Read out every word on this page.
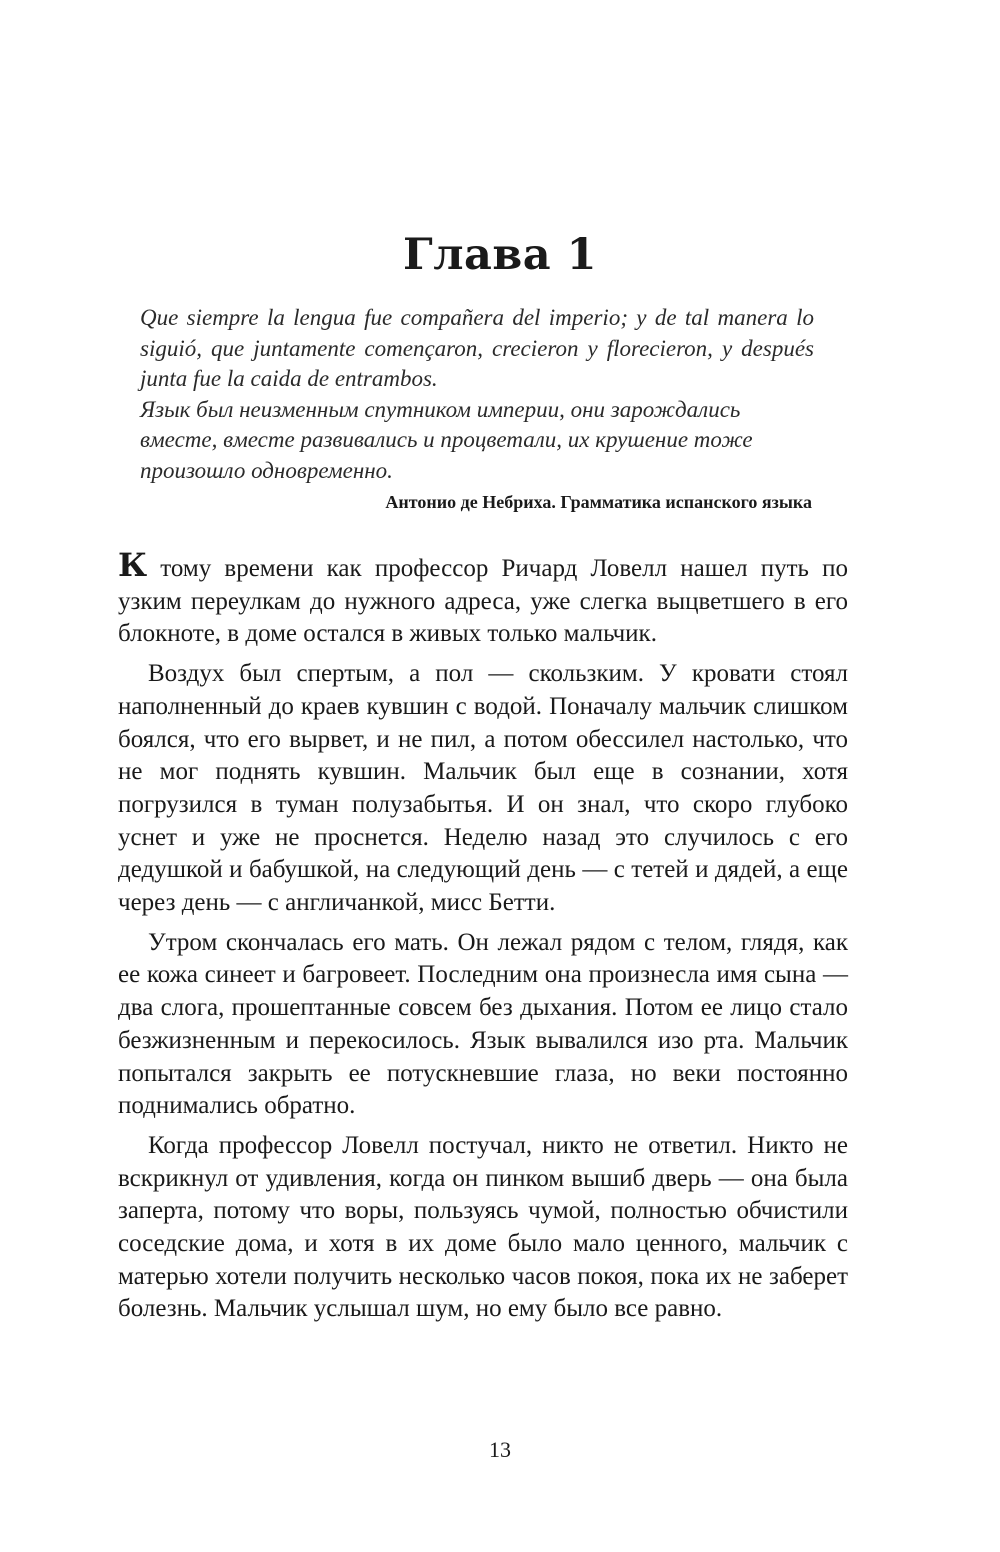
Глава 1

Que siempre la lengua fue compañera del imperio; y de tal manera lo siguió, que juntamente començaron, crecieron y florecieron, y después junta fue la caida de entrambos.

Язык был неизменным спутником империи, они зарождались вместе, вместе развивались и процветали, их крушение тоже произошло одновременно.

Антонио де Небриха. Грамматика испанского языка

К тому времени как профессор Ричард Ловелл нашел путь по узким переулкам до нужного адреса, уже слегка выцветшего в его блокноте, в доме остался в живых только мальчик.

Воздух был спертым, а пол — скользким. У кровати стоял наполненный до краев кувшин с водой. Поначалу мальчик слишком боялся, что его вырвет, и не пил, а потом обессилел настолько, что не мог поднять кувшин. Мальчик был еще в сознании, хотя погрузился в туман полузабытья. И он знал, что скоро глубоко уснет и уже не проснется. Неделю назад это случилось с его дедушкой и бабушкой, на следующий день — с тетей и дядей, а еще через день — с англичанкой, мисс Бетти.

Утром скончалась его мать. Он лежал рядом с телом, глядя, как ее кожа синеет и багровеет. Последним она произнесла имя сына — два слога, прошептанные совсем без дыхания. Потом ее лицо стало безжизненным и перекосилось. Язык вывалился изо рта. Мальчик попытался закрыть ее потускневшие глаза, но веки постоянно поднимались обратно.

Когда профессор Ловелл постучал, никто не ответил. Никто не вскрикнул от удивления, когда он пинком вышиб дверь — она была заперта, потому что воры, пользуясь чумой, полностью обчистили соседские дома, и хотя в их доме было мало ценного, мальчик с матерью хотели получить несколько часов покоя, пока их не заберет болезнь. Мальчик услышал шум, но ему было все равно.

13
